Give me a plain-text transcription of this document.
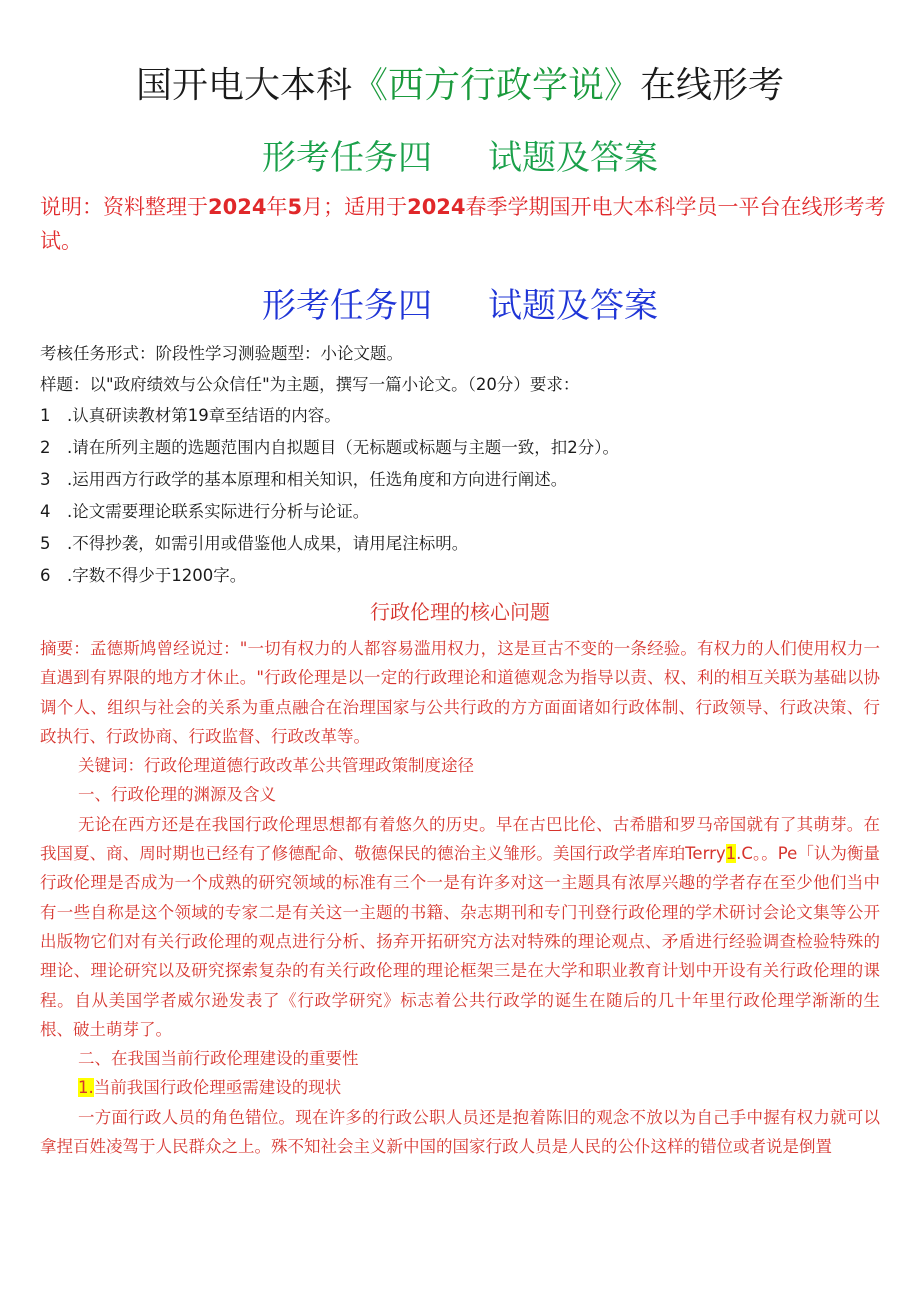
国开电大本科《西方行政学说》在线形考
形考任务四 试题及答案
说明：资料整理于2024年5月；适用于2024春季学期国开电大本科学员一平台在线形考考试。
形考任务四 试题及答案
考核任务形式：阶段性学习测验题型：小论文题。
样题：以"政府绩效与公众信任"为主题，撰写一篇小论文。（20分）要求：
1　.认真研读教材第19章至结语的内容。
2　.请在所列主题的选题范围内自拟题目（无标题或标题与主题一致，扣2分）。
3　.运用西方行政学的基本原理和相关知识，任选角度和方向进行阐述。
4　.论文需要理论联系实际进行分析与论证。
5　.不得抄袭，如需引用或借鉴他人成果，请用尾注标明。
6　.字数不得少于1200字。
行政伦理的核心问题

摘要：孟德斯鸠曾经说过："一切有权力的人都容易滥用权力，这是亘古不变的一条经验。有权力的人们使用权力一直遇到有界限的地方才休止。"行政伦理是以一定的行政理论和道德观念为指导以责、权、利的相互关联为基础以协调个人、组织与社会的关系为重点融合在治理国家与公共行政的方方面面诸如行政体制、行政领导、行政决策、行政执行、行政协商、行政监督、行政改革等。

关键词：行政伦理道德行政改革公共管理政策制度途径

一、行政伦理的渊源及含义

无论在西方还是在我国行政伦理思想都有着悠久的历史。早在古巴比伦、古希腊和罗马帝国就有了其萌芽。在我国夏、商、周时期也已经有了修德配命、敬德保民的德治主义雏形。美国行政学者库珀Terry1.C。。Pe「认为衡量行政伦理是否成为一个成熟的研究领域的标准有三个一是有许多对这一主题具有浓厚兴趣的学者存在至少他们当中有一些自称是这个领域的专家二是有关这一主题的书籍、杂志期刊和专门刊登行政伦理的学术研讨会论文集等公开出版物它们对有关行政伦理的观点进行分析、扬弃开拓研究方法对特殊的理论观点、矛盾进行经验调查检验特殊的理论、理论研究以及研究探索复杂的有关行政伦理的理论框架三是在大学和职业教育计划中开设有关行政伦理的课程。自从美国学者威尔逊发表了《行政学研究》标志着公共行政学的诞生在随后的几十年里行政伦理学渐渐的生根、破土萌芽了。

二、在我国当前行政伦理建设的重要性

1.当前我国行政伦理亟需建设的现状

一方面行政人员的角色错位。现在许多的行政公职人员还是抱着陈旧的观念不放以为自己手中握有权力就可以拿捏百姓凌驾于人民群众之上。殊不知社会主义新中国的国家行政人员是人民的公仆这样的错位或者说是倒置
